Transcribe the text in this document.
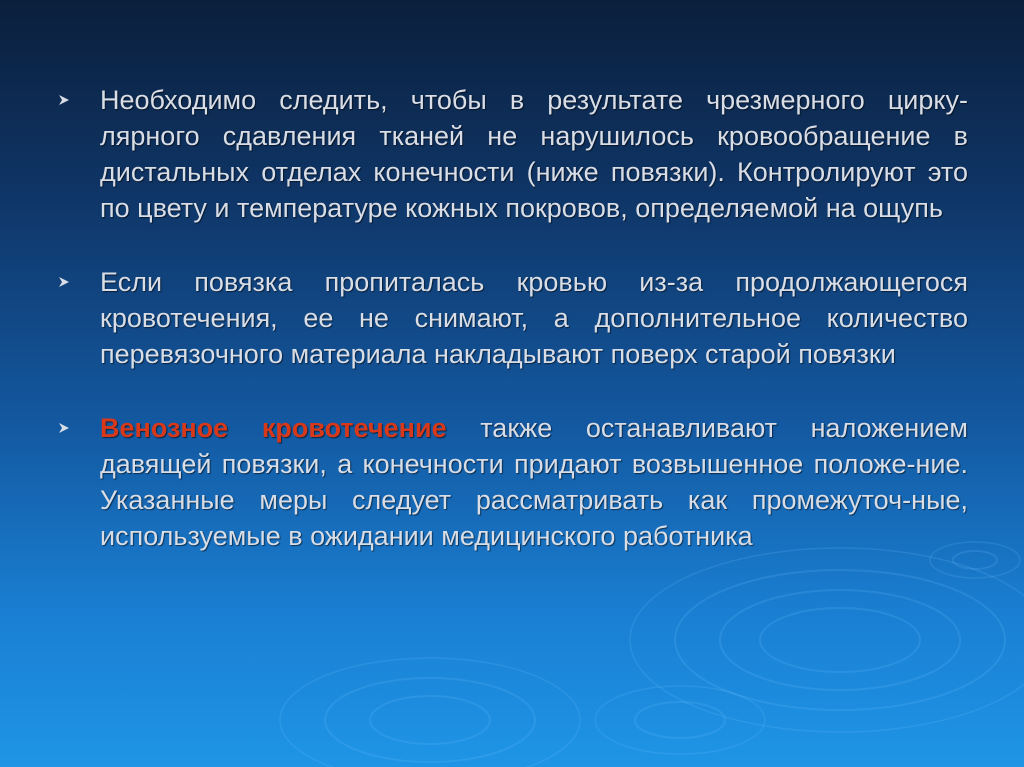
Необходимо следить, чтобы в результате чрезмерного цирку-лярного сдавления тканей не нарушилось кровообращение в дистальных отделах конечности (ниже повязки). Контролируют это по цвету и температуре кожных покровов, определяемой на ощупь
Если повязка пропиталась кровью из-за продолжающегося кровотечения, ее не снимают, а дополнительное количество перевязочного материала накладывают поверх старой повязки
Венозное кровотечение также останавливают наложением давящей повязки, а конечности придают возвышенное положе-ние. Указанные меры следует рассматривать как промежуточ-ные, используемые в ожидании медицинского работника
